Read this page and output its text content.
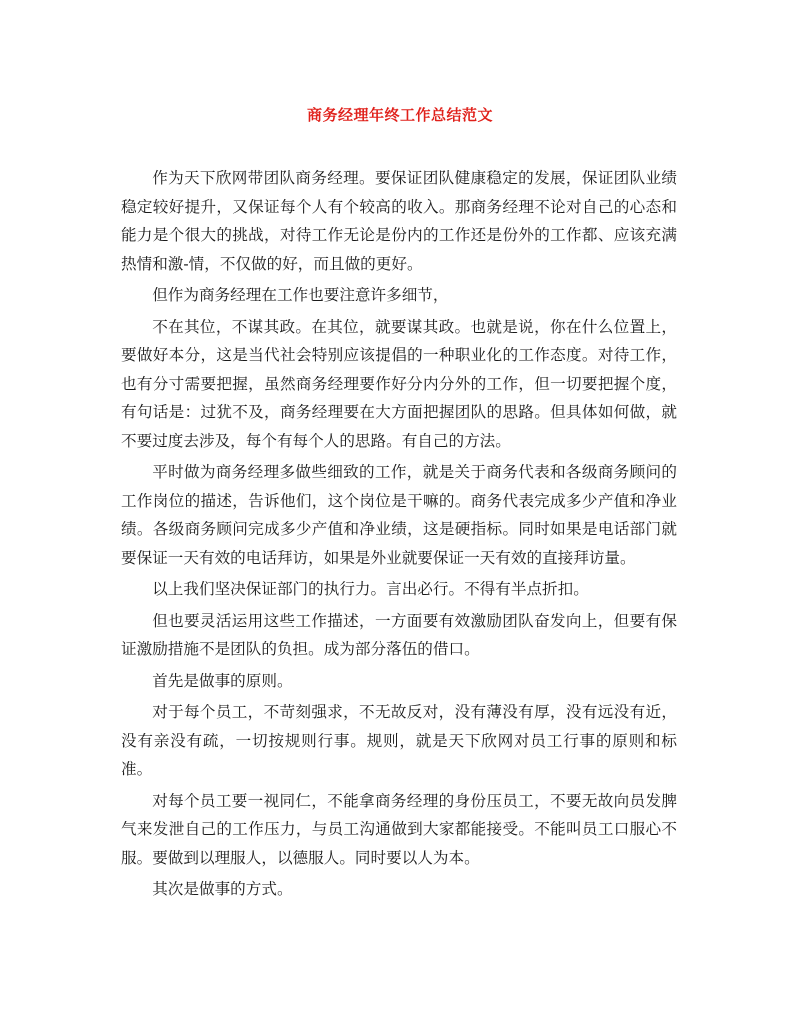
商务经理年终工作总结范文

作为天下欣网带团队商务经理。要保证团队健康稳定的发展，保证团队业绩稳定较好提升，又保证每个人有个较高的收入。那商务经理不论对自己的心态和能力是个很大的挑战，对待工作无论是份内的工作还是份外的工作都、应该充满热情和激-情，不仅做的好，而且做的更好。

但作为商务经理在工作也要注意许多细节，

不在其位，不谋其政。在其位，就要谋其政。也就是说，你在什么位置上，要做好本分，这是当代社会特别应该提倡的一种职业化的工作态度。对待工作，也有分寸需要把握，虽然商务经理要作好分内分外的工作，但一切要把握个度，有句话是：过犹不及，商务经理要在大方面把握团队的思路。但具体如何做，就不要过度去涉及，每个有每个人的思路。有自己的方法。

平时做为商务经理多做些细致的工作，就是关于商务代表和各级商务顾问的工作岗位的描述，告诉他们，这个岗位是干嘛的。商务代表完成多少产值和净业绩。各级商务顾问完成多少产值和净业绩，这是硬指标。同时如果是电话部门就要保证一天有效的电话拜访，如果是外业就要保证一天有效的直接拜访量。

以上我们坚决保证部门的执行力。言出必行。不得有半点折扣。

但也要灵活运用这些工作描述，一方面要有效激励团队奋发向上，但要有保证激励措施不是团队的负担。成为部分落伍的借口。

首先是做事的原则。

对于每个员工，不苛刻强求，不无故反对，没有薄没有厚，没有远没有近，没有亲没有疏，一切按规则行事。规则，就是天下欣网对员工行事的原则和标准。

对每个员工要一视同仁，不能拿商务经理的身份压员工，不要无故向员发脾气来发泄自己的工作压力，与员工沟通做到大家都能接受。不能叫员工口服心不服。要做到以理服人，以德服人。同时要以人为本。

其次是做事的方式。
